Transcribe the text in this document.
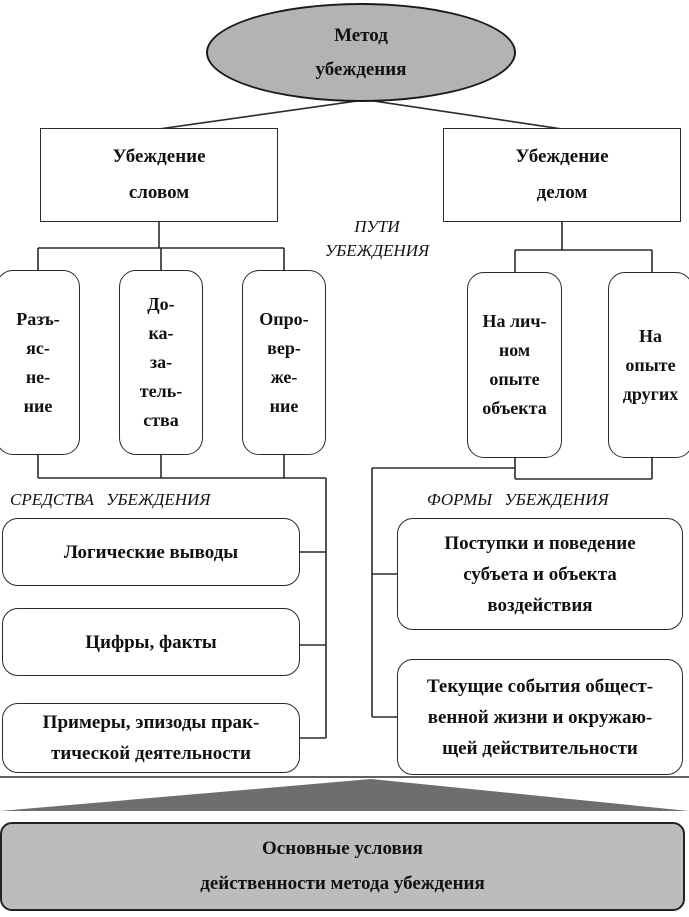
Метод
убеждения
Убеждение
словом
Убеждение
делом
ПУТИ
УБЕЖДЕНИЯ
Разъ-
яс-
не-
ние
До-
ка-
за-
тель-
ства
Опро-
вер-
же-
ние
На лич-
ном
опыте
объекта
На
опыте
других
СРЕДСТВА УБЕЖДЕНИЯ	ФОРМЫ УБЕЖДЕНИЯ
Логические выводы
Цифры, факты
Примеры, эпизоды прак-
тической деятельности
Поступки и поведение
субъета и объекта
воздействия
Текущие события общест-
венной жизни и окружаю-
щей действительности
Основные условия
действенности метода убеждения
